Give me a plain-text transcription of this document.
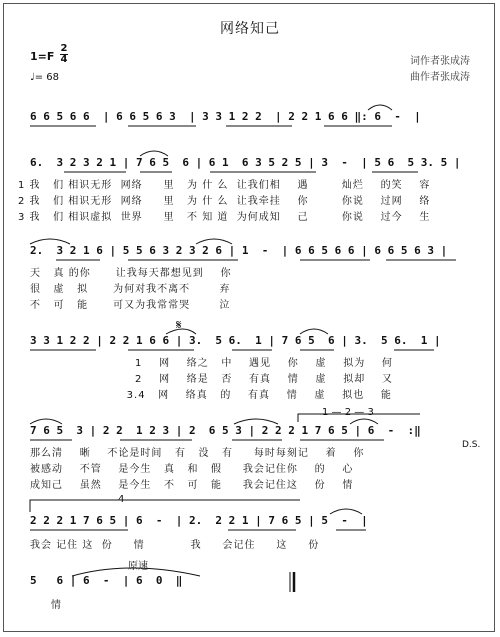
网络知己
1=F
2
4
♩= 68
词作者张成涛
曲作者张成涛
6 6 5 6 6  | 6 6 5 6 3  | 3 3 1 2 2  | 2 2 1 6 6 ‖: 6  -  |
6.  3 2 3 2 1 | 7 6 5  6 | 6 1  6 3 5 2 5 | 3  -  | 5 6  5 3. 5 |
1 我   们 相识无形  网络     里   为 什 么  让我们相    遇        灿烂    的笑    容
2 我   们 相识无形  网络     里   为 什 么  让我牵挂    你        你说    过网    络
3 我   们 相识虚拟  世界     里   不 知 道  为何成知    己        你说    过今    生
2.  3 2 1 6 | 5 5 6 3 2 3 2 6 | 1  -  | 6 6 5 6 6 | 6 6 5 6 3 |
天   真 的你      让我每天都想见到    你
很   虚   拟      为何对我不离不       弃
不   可   能      可又为我常常哭       泣
𝄋
3 3 1 2 2 | 2 2 1 6 6 | 3.  5 6.  1 | 7 6 5  6 | 3.  5 6.  1 |
1    网    络之   中    遇见    你    虚    拟为    何
2    网    络是   否    有真    情    虚    拟却    又
3.4   网    络真   的    有真    情    虚    拟也    能
1 — 2 — 3
7 6 5  3 | 2 2  1 2 3 | 2  6 5 3 | 2 2 2 1 7 6 5 | 6  -  :‖
D.S.
那么清    晰    不论是时间   有   没   有     每时每刻记    着    你
被感动    不管    是今生   真   和   假     我会记住你    的    心
成知己    虽然    是今生   不   可   能     我会记住这    份    情
4
2 2 2 1 7 6 5 | 6  -  | 2.  2 2 1 | 7 6 5 | 5  -  |
我会 记住 这  份     情           我     会记住     这     份
原速
5   6 | 6  -  | 6  0  ‖
情
